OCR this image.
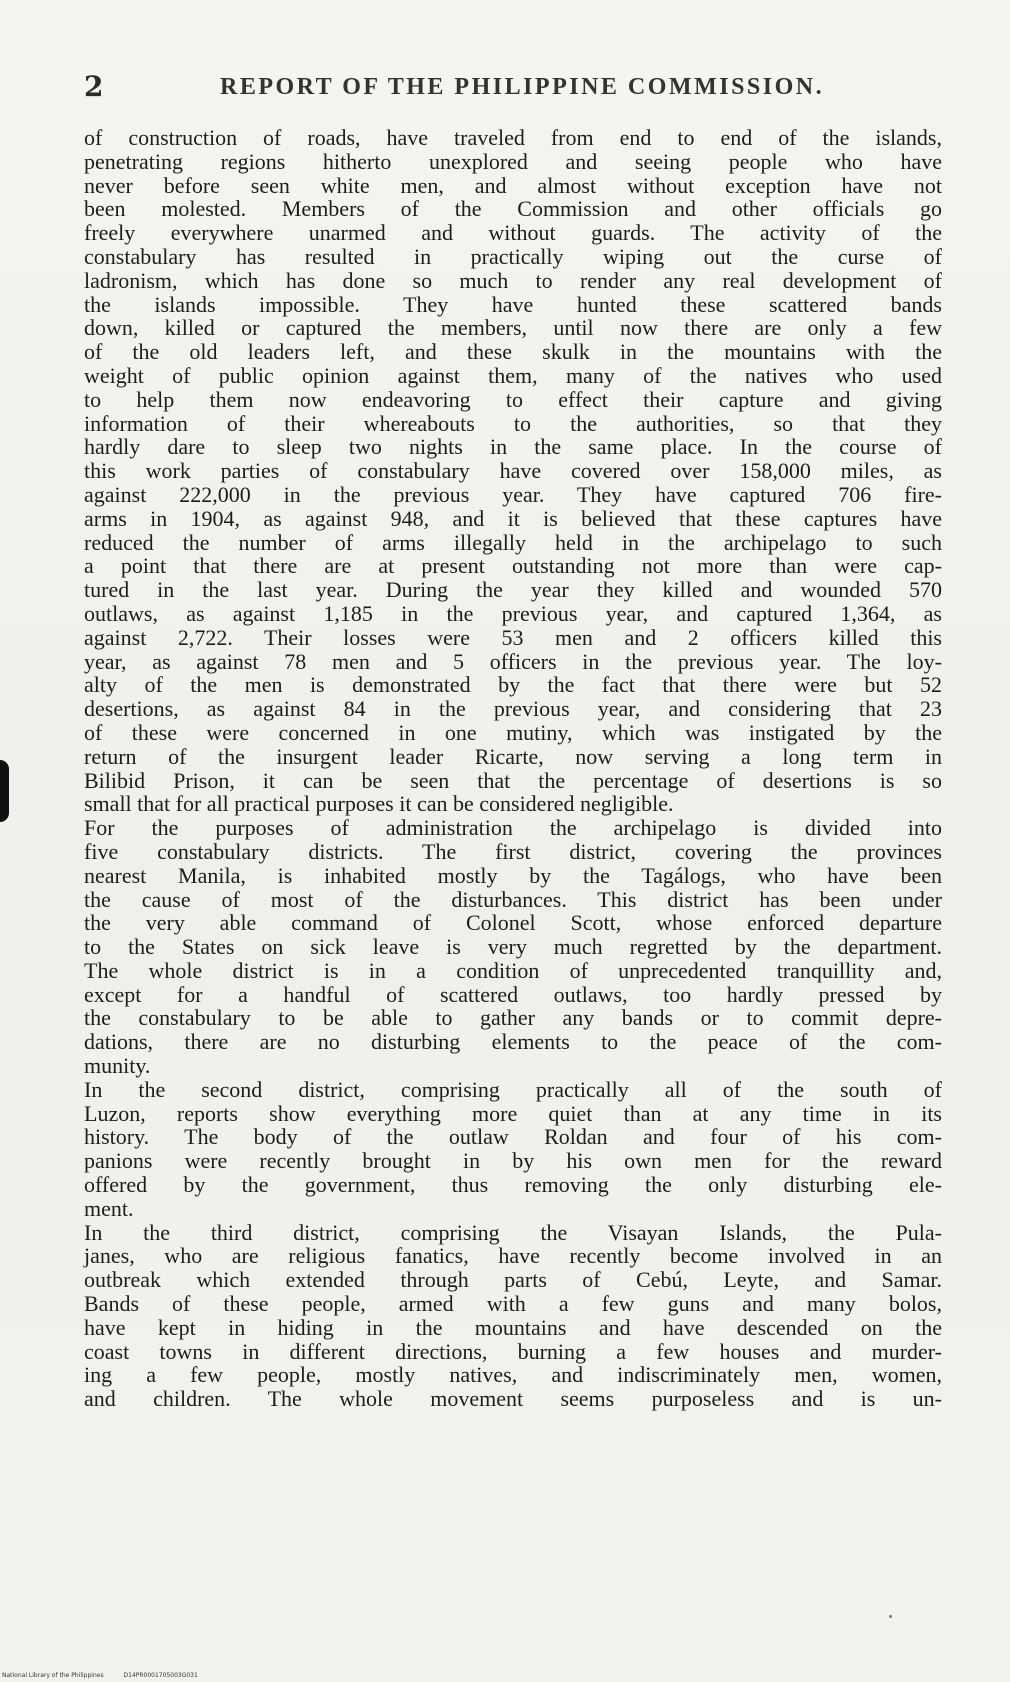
2	REPORT OF THE PHILIPPINE COMMISSION.
of construction of roads, have traveled from end to end of the islands,
penetrating regions hitherto unexplored and seeing people who have
never before seen white men, and almost without exception have not
been molested. Members of the Commission and other officials go
freely everywhere unarmed and without guards. The activity of the
constabulary has resulted in practically wiping out the curse of
ladronism, which has done so much to render any real development of
the islands impossible. They have hunted these scattered bands
down, killed or captured the members, until now there are only a few
of the old leaders left, and these skulk in the mountains with the
weight of public opinion against them, many of the natives who used
to help them now endeavoring to effect their capture and giving
information of their whereabouts to the authorities, so that they
hardly dare to sleep two nights in the same place. In the course of
this work parties of constabulary have covered over 158,000 miles, as
against 222,000 in the previous year. They have captured 706 fire-
arms in 1904, as against 948, and it is believed that these captures have
reduced the number of arms illegally held in the archipelago to such
a point that there are at present outstanding not more than were cap-
tured in the last year. During the year they killed and wounded 570
outlaws, as against 1,185 in the previous year, and captured 1,364, as
against 2,722. Their losses were 53 men and 2 officers killed this
year, as against 78 men and 5 officers in the previous year. The loy-
alty of the men is demonstrated by the fact that there were but 52
desertions, as against 84 in the previous year, and considering that 23
of these were concerned in one mutiny, which was instigated by the
return of the insurgent leader Ricarte, now serving a long term in
Bilibid Prison, it can be seen that the percentage of desertions is so
small that for all practical purposes it can be considered negligible.
For the purposes of administration the archipelago is divided into
five constabulary districts. The first district, covering the provinces
nearest Manila, is inhabited mostly by the Tagálogs, who have been
the cause of most of the disturbances. This district has been under
the very able command of Colonel Scott, whose enforced departure
to the States on sick leave is very much regretted by the department.
The whole district is in a condition of unprecedented tranquillity and,
except for a handful of scattered outlaws, too hardly pressed by
the constabulary to be able to gather any bands or to commit depre-
dations, there are no disturbing elements to the peace of the com-
munity.
In the second district, comprising practically all of the south of
Luzon, reports show everything more quiet than at any time in its
history. The body of the outlaw Roldan and four of his com-
panions were recently brought in by his own men for the reward
offered by the government, thus removing the only disturbing ele-
ment.
In the third district, comprising the Visayan Islands, the Pula-
janes, who are religious fanatics, have recently become involved in an
outbreak which extended through parts of Cebú, Leyte, and Samar.
Bands of these people, armed with a few guns and many bolos,
have kept in hiding in the mountains and have descended on the
coast towns in different directions, burning a few houses and murder-
ing a few people, mostly natives, and indiscriminately men, women,
and children. The whole movement seems purposeless and is un-
National Library of the Philippines	D14PR0001705003G031
